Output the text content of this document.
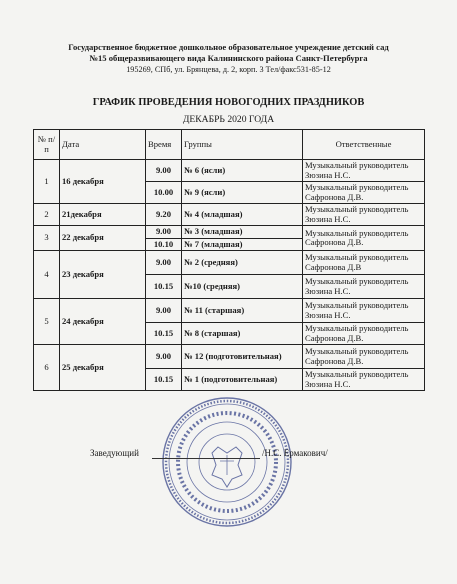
Государственное бюджетное дошкольное образовательное учреждение детский сад
№15 общеразвивающего вида Калининского района Санкт-Петербурга
195269, СПб, ул. Брянцева, д. 2, корп. 3 Тел/факс531-85-12
ГРАФИК ПРОВЕДЕНИЯ НОВОГОДНИХ ПРАЗДНИКОВ
ДЕКАБРЬ 2020 ГОДА
№ п/п	Дата	Время	Группы	Ответственные
1	16 декабря	9.00	№ 6 (ясли)	Музыкальный руководитель Зюзина Н.С.
		10.00	№ 9 (ясли)	Музыкальный руководитель Сафронова Д.В.
2	21декабря	9.20	№ 4 (младшая)	Музыкальный руководитель Зюзина Н.С.
3	22 декабря	9.00	№ 3 (младшая)	Музыкальный руководитель Сафронова Д.В.
		10.10	№ 7 (младшая)	
4	23 декабря	9.00	№ 2 (средняя)	Музыкальный руководитель Сафронова Д.В
		10.15	№10 (средняя)	Музыкальный руководитель Зюзина Н.С.
5	24 декабря	9.00	№ 11 (старшая)	Музыкальный руководитель Зюзина Н.С.
		10.15	№ 8 (старшая)	Музыкальный руководитель Сафронова Д.В.
6	25 декабря	9.00	№ 12 (подготовительная)	Музыкальный руководитель Сафронова Д.В.
		10.15	№ 1 (подготовительная)	Музыкальный руководитель Зюзина Н.С.
Заведующий	/Н.С. Ермакович/
